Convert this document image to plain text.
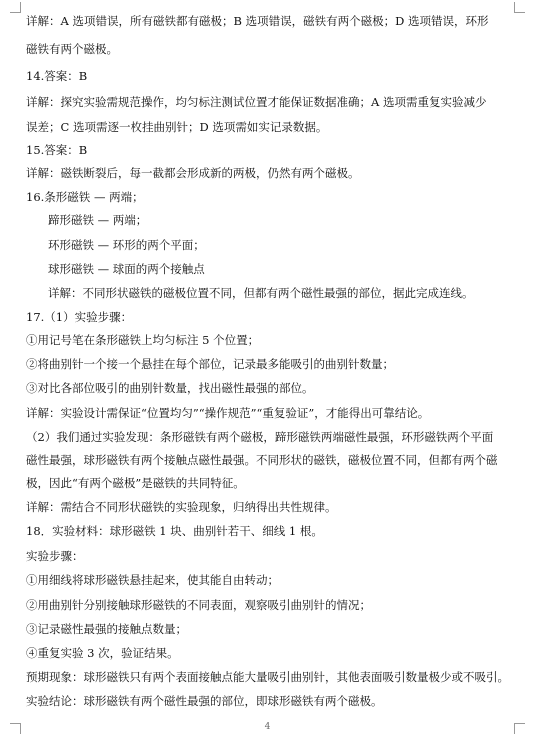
详解：A 选项错误，所有磁铁都有磁极；B 选项错误，磁铁有两个磁极；D 选项错误，环形
磁铁有两个磁极。
14.答案：B
详解：探究实验需规范操作，均匀标注测试位置才能保证数据准确；A 选项需重复实验减少
误差；C 选项需逐一枚挂曲别针；D 选项需如实记录数据。
15.答案：B
详解：磁铁断裂后，每一截都会形成新的两极，仍然有两个磁极。
16.条形磁铁 — 两端；
蹄形磁铁 — 两端；
环形磁铁 — 环形的两个平面；
球形磁铁 — 球面的两个接触点
详解：不同形状磁铁的磁极位置不同，但都有两个磁性最强的部位，据此完成连线。
17.（1）实验步骤：
①用记号笔在条形磁铁上均匀标注 5 个位置；
②将曲别针一个接一个悬挂在每个部位，记录最多能吸引的曲别针数量；
③对比各部位吸引的曲别针数量，找出磁性最强的部位。
详解：实验设计需保证“位置均匀”“操作规范”“重复验证”，才能得出可靠结论。
（2）我们通过实验发现：条形磁铁有两个磁极，蹄形磁铁两端磁性最强，环形磁铁两个平面
磁性最强，球形磁铁有两个接触点磁性最强。不同形状的磁铁，磁极位置不同，但都有两个磁
极，因此“有两个磁极”是磁铁的共同特征。
详解：需结合不同形状磁铁的实验现象，归纳得出共性规律。
18．实验材料：球形磁铁 1 块、曲别针若干、细线 1 根。
实验步骤：
①用细线将球形磁铁悬挂起来，使其能自由转动；
②用曲别针分别接触球形磁铁的不同表面，观察吸引曲别针的情况；
③记录磁性最强的接触点数量；
④重复实验 3 次，验证结果。
预期现象：球形磁铁只有两个表面接触点能大量吸引曲别针，其他表面吸引数量极少或不吸引。
实验结论：球形磁铁有两个磁性最强的部位，即球形磁铁有两个磁极。
4
